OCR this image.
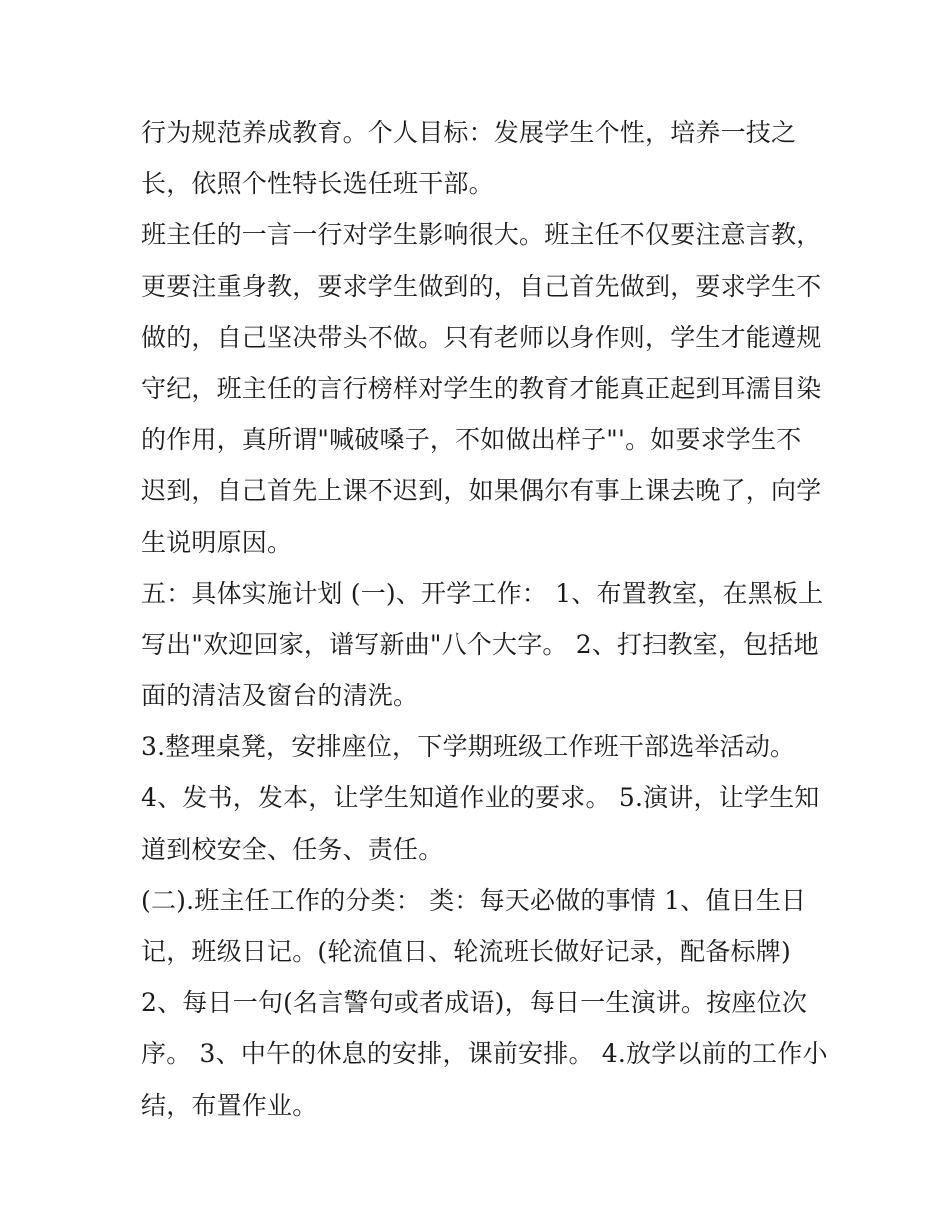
行为规范养成教育。个人目标：发展学生个性，培养一技之
长，依照个性特长选任班干部。
班主任的一言一行对学生影响很大。班主任不仅要注意言教，
更要注重身教，要求学生做到的，自己首先做到，要求学生不
做的，自己坚决带头不做。只有老师以身作则，学生才能遵规
守纪，班主任的言行榜样对学生的教育才能真正起到耳濡目染
的作用，真所谓"喊破嗓子，不如做出样子"'。如要求学生不
迟到，自己首先上课不迟到，如果偶尔有事上课去晚了，向学
生说明原因。
五：具体实施计划 (一)、开学工作： 1、布置教室，在黑板上
写出"欢迎回家，谱写新曲"八个大字。 2、打扫教室，包括地
面的清洁及窗台的清洗。
3.整理桌凳，安排座位，下学期班级工作班干部选举活动。
4、发书，发本，让学生知道作业的要求。 5.演讲，让学生知
道到校安全、任务、责任。
(二).班主任工作的分类： 类：每天必做的事情 1、值日生日
记，班级日记。(轮流值日、轮流班长做好记录，配备标牌)
2、每日一句(名言警句或者成语)，每日一生演讲。按座位次
序。 3、中午的休息的安排，课前安排。 4.放学以前的工作小
结，布置作业。
